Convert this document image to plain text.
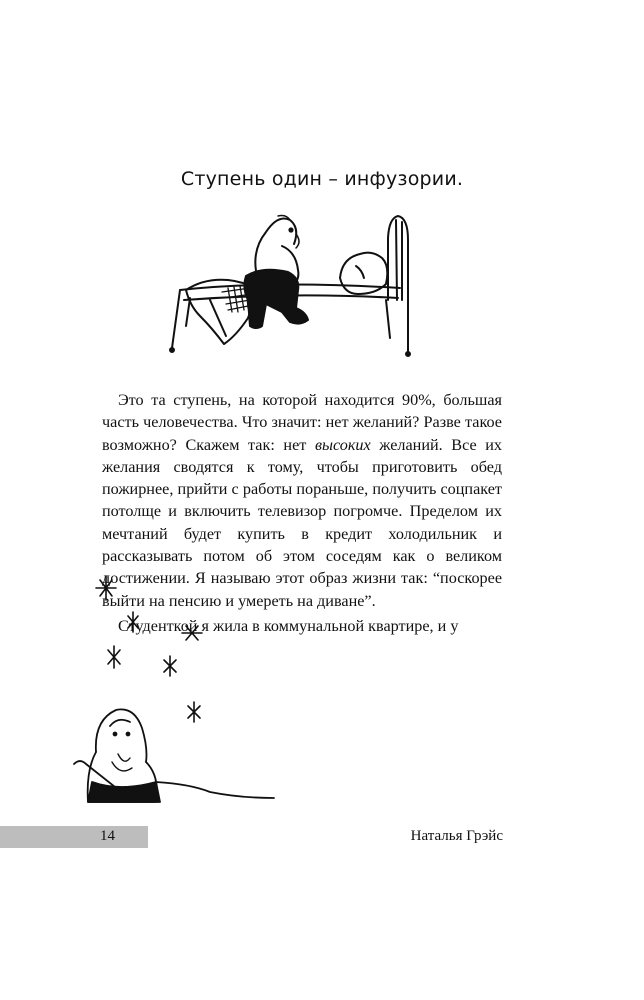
Ступень один – инфузории.

Это та ступень, на которой находится 90%, большая часть человечества. Что значит: нет желаний? Разве такое возможно? Скажем так: нет высоких желаний. Все их желания сводятся к тому, чтобы приготовить обед пожирнее, прийти с работы пораньше, получить соцпакет потолще и включить телевизор погромче. Пределом их мечтаний будет купить в кредит холодильник и рассказывать потом об этом соседям как о великом достижении. Я называю этот образ жизни так: “поскорее выйти на пенсию и умереть на диване”.

Студенткой я жила в коммунальной квартире, и у

14	Наталья Грэйс
